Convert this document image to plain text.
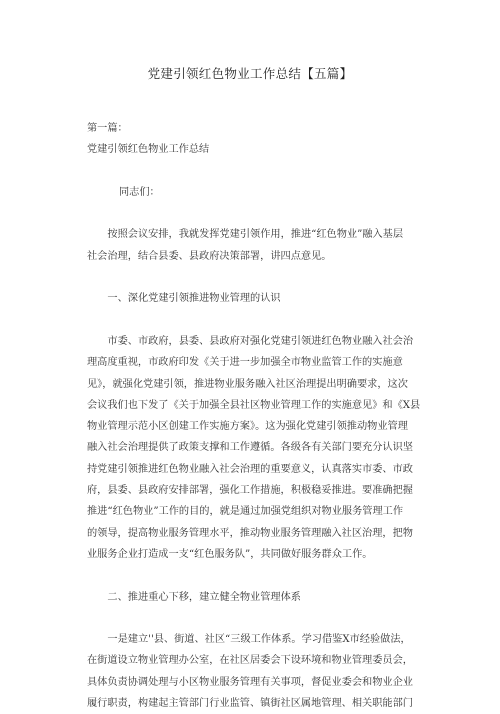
党建引领红色物业工作总结【五篇】

第一篇：

党建引领红色物业工作总结

同志们：

按照会议安排，我就发挥党建引领作用，推进“红色物业”融入基层
社会治理，结合县委、县政府决策部署，讲四点意见。

一、深化党建引领推进物业管理的认识

市委、市政府，县委、县政府对强化党建引领进红色物业融入社会治
理高度重视，市政府印发《关于进一步加强全市物业监管工作的实施意
见》，就强化党建引领，推进物业服务融入社区治理提出明确要求，这次
会议我们也下发了《关于加强全县社区物业管理工作的实施意见》和《X县
物业管理示范小区创建工作实施方案》。这为强化党建引领推动物业管理
融入社会治理提供了政策支撑和工作遵循。各级各有关部门要充分认识坚
持党建引领推进红色物业融入社会治理的重要意义，认真落实市委、市政
府，县委、县政府安排部署，强化工作措施，积极稳妥推进。要准确把握
推进“红色物业”工作的目的，就是通过加强党组织对物业服务管理工作
的领导，提高物业服务管理水平，推动物业服务管理融入社区治理，把物
业服务企业打造成一支“红色服务队”，共同做好服务群众工作。

二、推进重心下移，建立健全物业管理体系

一是建立''县、街道、社区“三级工作体系。学习借鉴X市经验做法，
在街道设立物业管理办公室，在社区居委会下设环境和物业管理委员会，
具体负责协调处理与小区物业服务管理有关事项，督促业委会和物业企业
履行职责，构建起主管部门行业监管、镇街社区属地管理、相关职能部门
